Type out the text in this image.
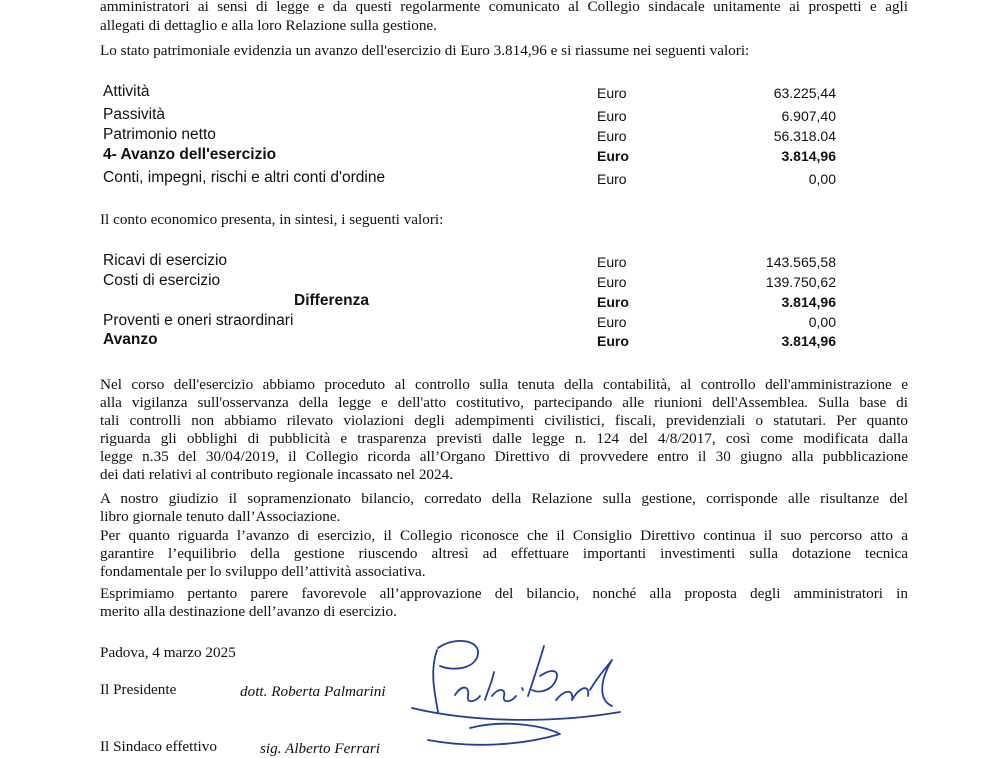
amministratori ai sensi di legge e da questi regolarmente comunicato al Collegio sindacale unitamente ai prospetti e agli
allegati di dettaglio e alla loro Relazione sulla gestione.
Lo stato patrimoniale evidenzia un avanzo dell'esercizio di Euro 3.814,96 e si riassume nei seguenti valori:
Attività	Euro	63.225,44
Passività	Euro	6.907,40
Patrimonio netto	Euro	56.318.04
4- Avanzo dell'esercizio	Euro	3.814,96
Conti, impegni, rischi e altri conti d'ordine	Euro	0,00
Il conto economico presenta, in sintesi, i seguenti valori:
Ricavi di esercizio	Euro	143.565,58
Costi di esercizio	Euro	139.750,62
Differenza	Euro	3.814,96
Proventi e oneri straordinari	Euro	0,00
Avanzo	Euro	3.814,96
Nel corso dell'esercizio abbiamo proceduto al controllo sulla tenuta della contabilità, al controllo dell'amministrazione e
alla vigilanza sull'osservanza della legge e dell'atto costitutivo, partecipando alle riunioni dell'Assemblea. Sulla base di
tali controlli non abbiamo rilevato violazioni degli adempimenti civilistici, fiscali, previdenziali o statutari. Per quanto
riguarda gli obblighi di pubblicità e trasparenza previsti dalle legge n. 124 del 4/8/2017, così come modificata dalla
legge n.35 del 30/04/2019, il Collegio ricorda all’Organo Direttivo di provvedere entro il 30 giugno alla pubblicazione
dei dati relativi al contributo regionale incassato nel 2024.
A nostro giudizio il sopramenzionato bilancio, corredato della Relazione sulla gestione, corrisponde alle risultanze del
libro giornale tenuto dall’Associazione.
Per quanto riguarda l’avanzo di esercizio, il Collegio riconosce che il Consiglio Direttivo continua il suo percorso atto a
garantire l’equilibrio della gestione riuscendo altresì ad effettuare importanti investimenti sulla dotazione tecnica
fondamentale per lo sviluppo dell’attività associativa.
Esprimiamo pertanto parere favorevole all’approvazione del bilancio, nonché alla proposta degli amministratori in
merito alla destinazione dell’avanzo di esercizio.
Padova, 4 marzo 2025
Il Presidente	dott. Roberta Palmarini
Il Sindaco effettivo	sig. Alberto Ferrari
